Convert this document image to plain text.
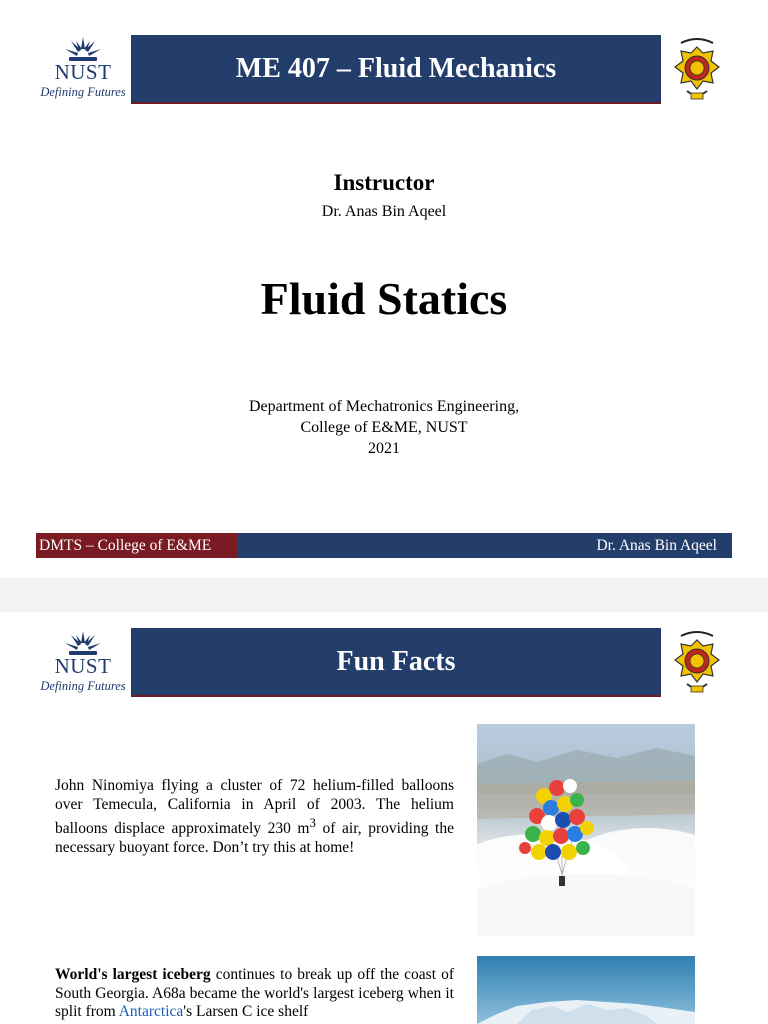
NUST
Defining Futures
ME 407 – Fluid Mechanics
Instructor
Dr. Anas Bin Aqeel
Fluid Statics
Department of Mechatronics Engineering,
College of E&ME, NUST
2021
DMTS – College of E&ME	Dr. Anas Bin Aqeel
NUST
Defining Futures
Fun Facts

John Ninomiya flying a cluster of 72 helium-filled balloons over Temecula, California in April of 2003. The helium balloons displace approximately 230 $m^3$ of air, providing the necessary buoyant force. Don’t try this at home!

World's largest iceberg continues to break up off the coast of South Georgia. A68a became the world's largest iceberg when it split from Antarctica's Larsen C ice shelf
